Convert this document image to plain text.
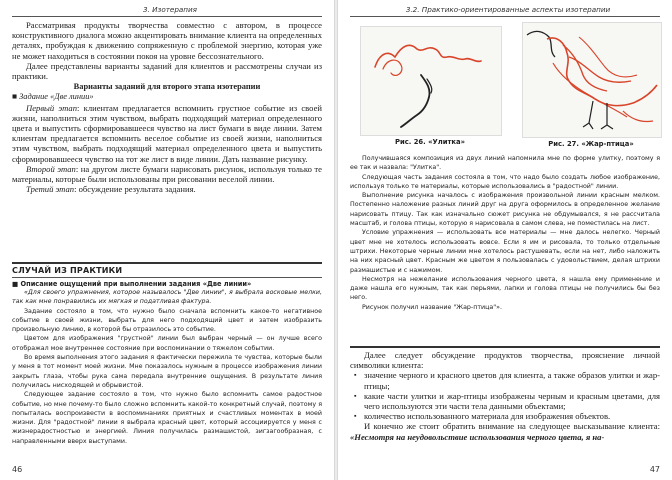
3. Изотерапия

Рассматривая продукты творчества совместно с автором, в процессе конструктивного диалога можно акцентировать внимание клиента на определенных деталях, пробуждая к движению сопряженную с проблемой энергию, которая уже не может находиться в состоянии покоя на уровне бессознательного.

Далее представлены варианты заданий для клиентов и рассмотрены случаи из практики.

Варианты заданий для второго этапа изотерапии

■ Задание «Две линии»

Первый этап: клиентам предлагается вспомнить грустное событие из своей жизни, наполниться этим чувством, выбрать подходящий материал определенного цвета и выпустить сформировавшееся чувство на лист бумаги в виде линии. Затем клиентам предлагается вспомнить веселое событие из своей жизни, наполниться этим чувством, выбрать подходящий материал определенного цвета и выпустить сформировавшееся чувство на тот же лист в виде линии. Дать название рисунку.

Второй этап: на другом листе бумаги нарисовать рисунок, используя только те материалы, которые были использованы при рисовании веселой линии.

Третий этап: обсуждение результата задания.

СЛУЧАЙ ИЗ ПРАКТИКИ
■ Описание ощущений при выполнении задания «Две линии»

«Для своего упражнения, которое называлось "Две линии", я выбрала восковые мелки, так как мне понравились их мягкая и податливая фактура.

Задание состояло в том, что нужно было сначала вспомнить какое-то негативное событие в своей жизни, выбрать для него подходящий цвет и затем изобразить произвольную линию, в которой бы отразилось это событие.

Цветом для изображения "грустной" линии был выбран черный — он лучше всего отображал мое внутреннее состояние при воспоминании о тяжелом событии.

Во время выполнения этого задания я фактически пережила те чувства, которые были у меня в тот момент моей жизни. Мне показалось нужным в процессе изображения линии закрыть глаза, чтобы рука сама передала внутренние ощущения. В результате линия получилась нисходящей и обрывистой.

Следующее задание состояло в том, что нужно было вспомнить самое радостное событие, но мне почему-то было сложно вспомнить какой-то конкретный случай, поэтому я попыталась воспроизвести в воспоминаниях приятных и счастливых моментах в моей жизни. Для "радостной" линии я выбрала красный цвет, который ассоциируется у меня с жизнерадостностью и энергией. Линия получилась размашистой, зигзагообразная, с направленными вверх выступами.

46
3.2. Практико-ориентированные аспекты изотерапии
Рис. 26. «Улитка»	Рис. 27. «Жар-птица»

Получившаяся композиция из двух линий напомнила мне по форме улитку, поэтому я ее так и назвала: "Улитка".

Следующая часть задания состояла в том, что надо было создать любое изображение, используя только те материалы, которые использовались в "радостной" линии.

Выполнение рисунка началось с изображения произвольной линии красным мелком. Постепенно наложение разных линий друг на друга оформилось в определенное желание нарисовать птицу. Так как изначально сюжет рисунка не обдумывался, я не рассчитала масштаб, и голова птицы, которую я нарисовала в самом слева, не поместилась на лист.

Условие упражнения — использовать все материалы — мне далось нелегко. Черный цвет мне не хотелось использовать вовсе. Если я им и рисовала, то только отдельные штрихи. Некоторые черные линии мне хотелось растушевать, если на нет, либо наложить на них красный цвет. Красным же цветом я пользовалась с удовольствием, делая штрихи размашистые и с нажимом.

Несмотря на нежелание использования черного цвета, я нашла ему применение и даже нашла его нужным, так как перьями, лапки и голова птицы не получились бы без него.

Рисунок получил название "Жар-птица"».

Далее следует обсуждение продуктов творчества, прояснение личной символики клиента:

▪ значение черного и красного цветов для клиента, а также образов улитки и жар-птицы;
▪ какие части улитки и жар-птицы изображены черным и красным цветами, для чего используются эти части тела данными объектами;
▪ количество использованного материала для изображения объектов.

И конечно же стоит обратить внимание на следующее высказывание клиента: «Несмотря на неудовольствие использования черного цвета, я на-

47
